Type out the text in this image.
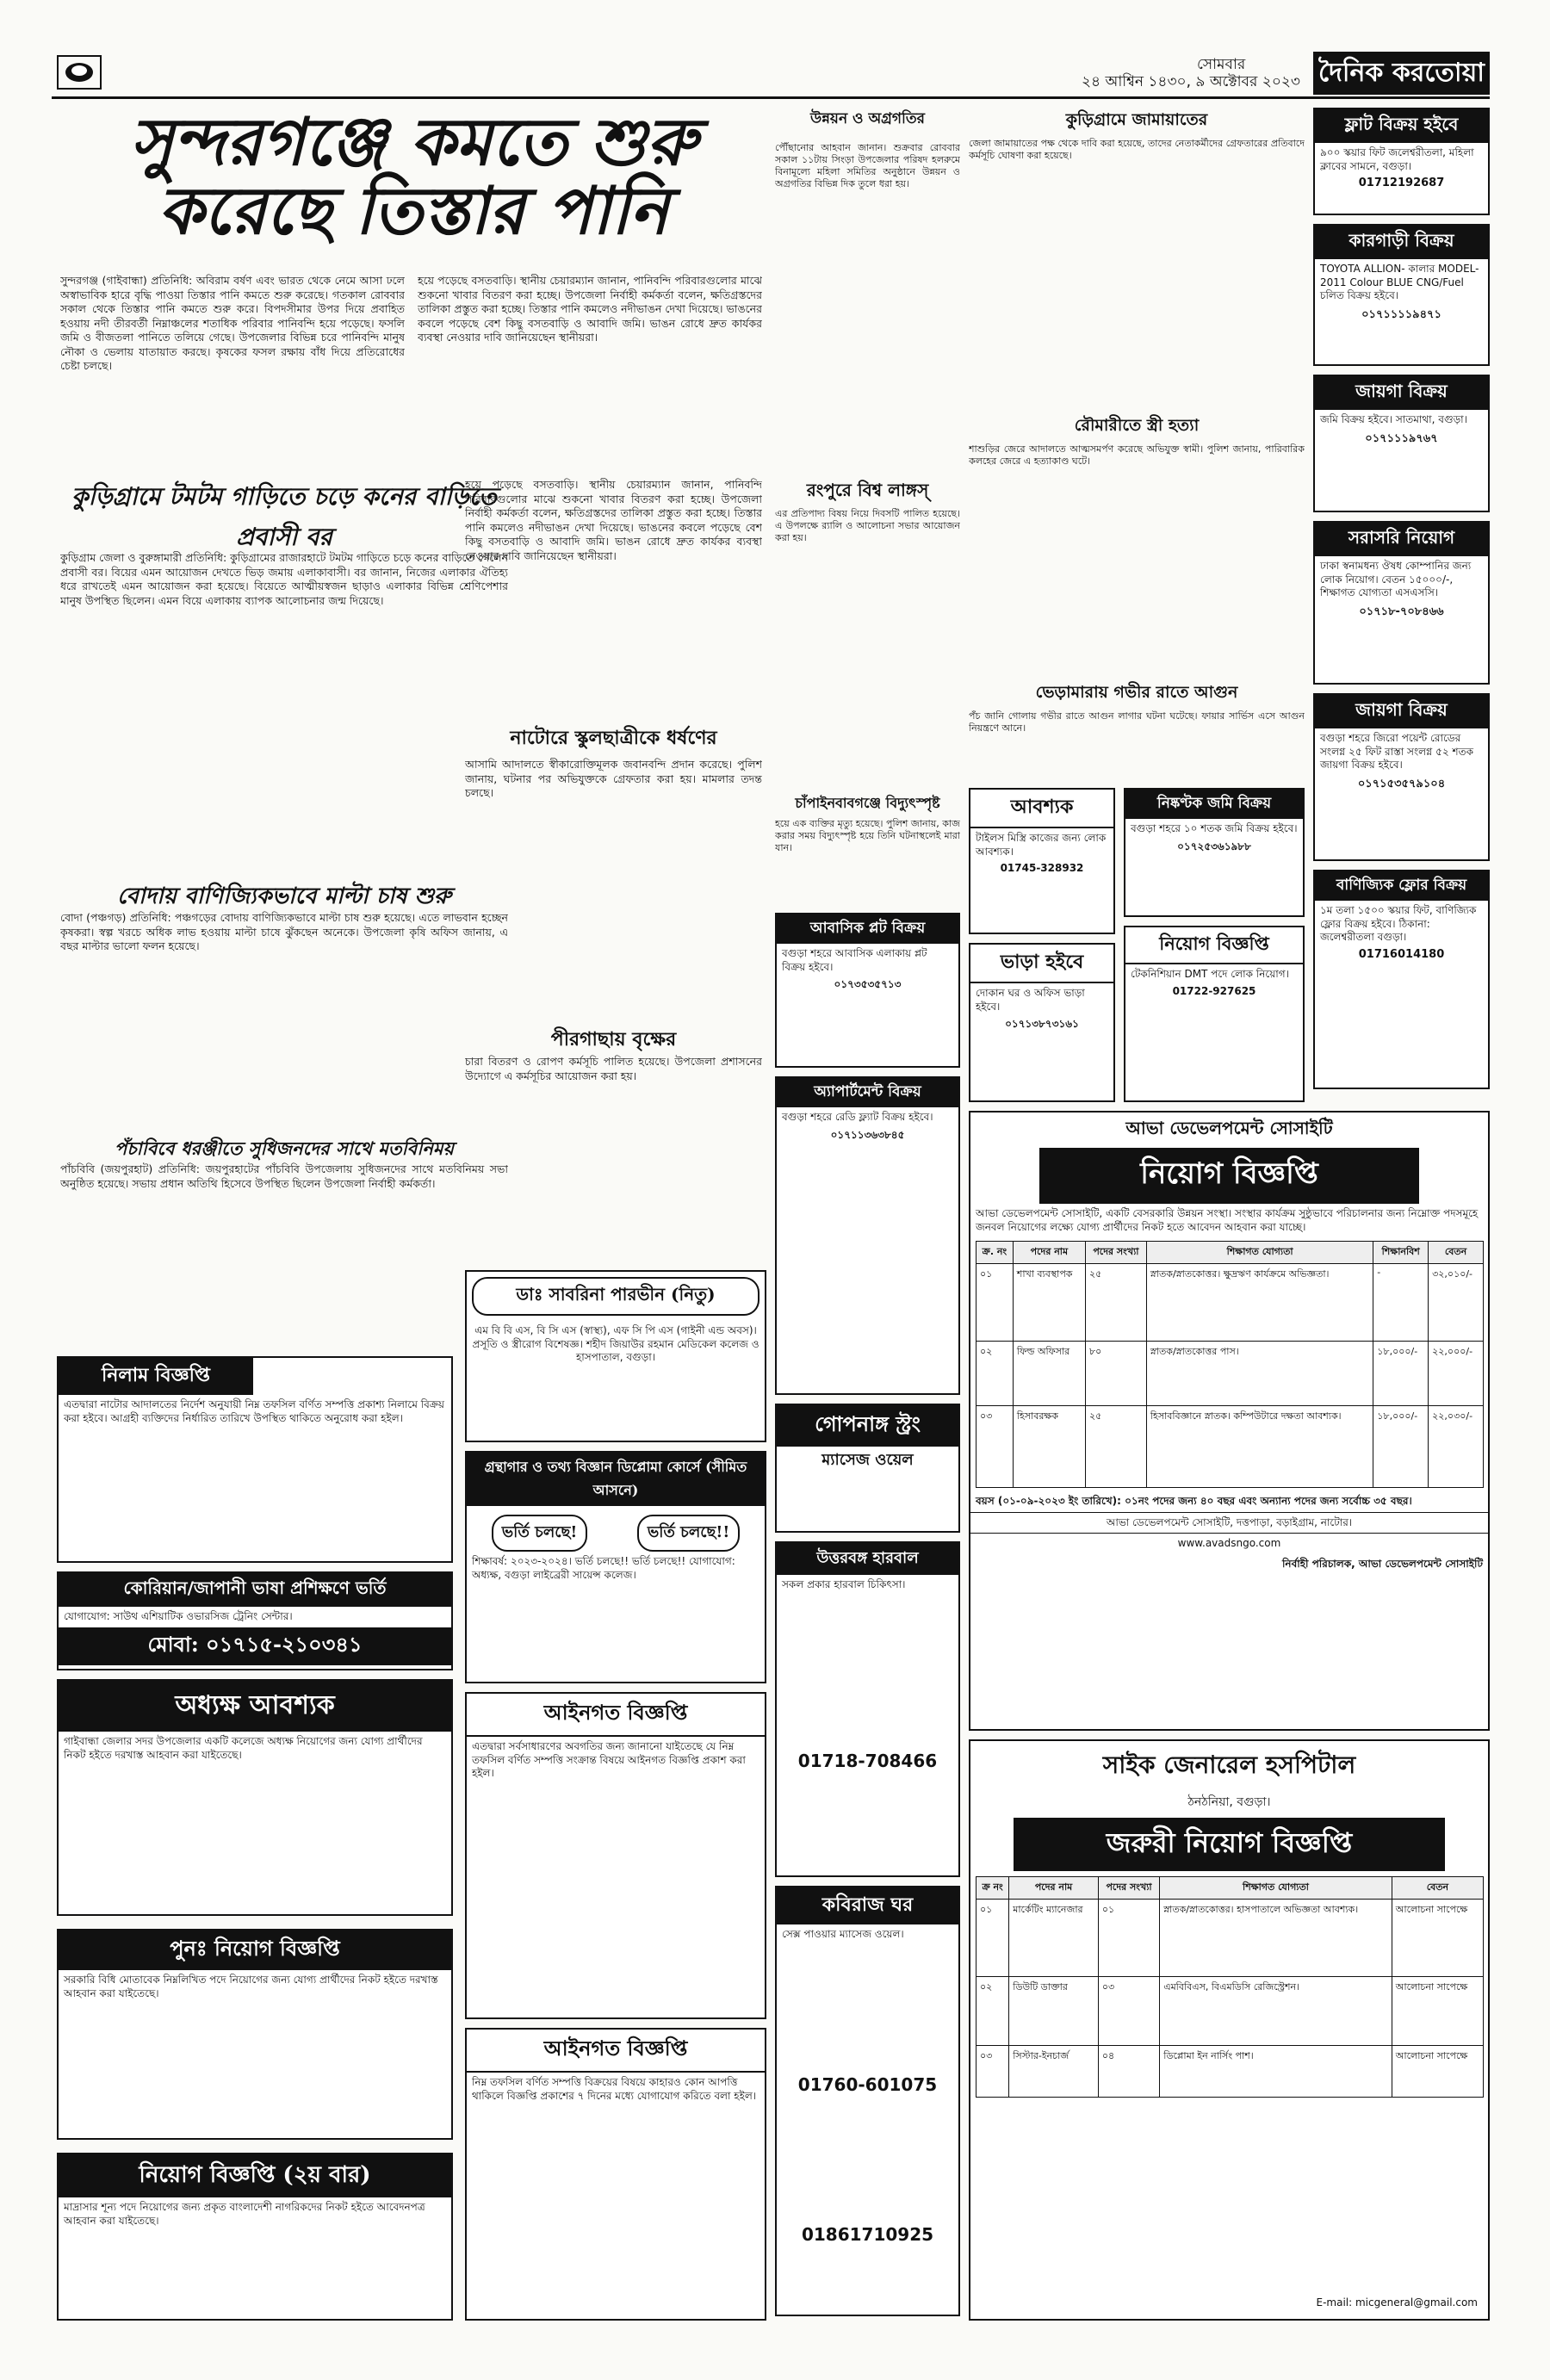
সোমবার
২৪ আশ্বিন ১৪৩০, ৯ অক্টোবর ২০২৩ দৈনিক করতোয়া
সুন্দরগঞ্জে কমতে শুরু করেছে তিস্তার পানি
সুন্দরগঞ্জ (গাইবান্ধা) প্রতিনিধি: অবিরাম বর্ষণ এবং ভারত থেকে নেমে আসা ঢলে অস্বাভাবিক হারে বৃদ্ধি পাওয়া তিস্তার পানি কমতে শুরু করেছে। গতকাল রোববার সকাল থেকে তিস্তার পানি কমতে শুরু করে। বিপদসীমার উপর দিয়ে প্রবাহিত হওয়ায় নদী তীরবর্তী নিম্নাঞ্চলের শতাধিক পরিবার পানিবন্দি হয়ে পড়েছে। ফসলি জমি ও বীজতলা পানিতে তলিয়ে গেছে। উপজেলার বিভিন্ন চরে পানিবন্দি মানুষ নৌকা ও ভেলায় যাতায়াত করছে। কৃষকের ফসল রক্ষায় বাঁধ দিয়ে প্রতিরোধের চেষ্টা চলছে।
হয়ে পড়েছে বসতবাড়ি। স্থানীয় চেয়ারম্যান জানান, পানিবন্দি পরিবারগুলোর মাঝে শুকনো খাবার বিতরণ করা হচ্ছে। উপজেলা নির্বাহী কর্মকর্তা বলেন, ক্ষতিগ্রস্তদের তালিকা প্রস্তুত করা হচ্ছে। তিস্তার পানি কমলেও নদীভাঙন দেখা দিয়েছে। ভাঙনের কবলে পড়েছে বেশ কিছু বসতবাড়ি ও আবাদি জমি। ভাঙন রোধে দ্রুত কার্যকর ব্যবস্থা নেওয়ার দাবি জানিয়েছেন স্থানীয়রা।
কুড়িগ্রামে টমটম গাড়িতে চড়ে কনের বাড়িতে প্রবাসী বর
কুড়িগ্রাম জেলা ও বুরুঙ্গামারী প্রতিনিধি: কুড়িগ্রামের রাজারহাটে টমটম গাড়িতে চড়ে কনের বাড়িতে গেলেন প্রবাসী বর। বিয়ের এমন আয়োজন দেখতে ভিড় জমায় এলাকাবাসী। বর জানান, নিজের এলাকার ঐতিহ্য ধরে রাখতেই এমন আয়োজন করা হয়েছে। বিয়েতে আত্মীয়স্বজন ছাড়াও এলাকার বিভিন্ন শ্রেণিপেশার মানুষ উপস্থিত ছিলেন। এমন বিয়ে এলাকায় ব্যাপক আলোচনার জন্ম দিয়েছে।
বোদায় বাণিজ্যিকভাবে মাল্টা চাষ শুরু
বোদা (পঞ্চগড়) প্রতিনিধি: পঞ্চগড়ের বোদায় বাণিজ্যিকভাবে মাল্টা চাষ শুরু হয়েছে। এতে লাভবান হচ্ছেন কৃষকরা। স্বল্প খরচে অধিক লাভ হওয়ায় মাল্টা চাষে ঝুঁকছেন অনেকে। উপজেলা কৃষি অফিস জানায়, এ বছর মাল্টার ভালো ফলন হয়েছে।
পঁচাবিবে ধরঞ্জীতে সুধিজনদের সাথে মতবিনিময়
পাঁচবিবি (জয়পুরহাট) প্রতিনিধি: জয়পুরহাটের পাঁচবিবি উপজেলায় সুধিজনদের সাথে মতবিনিময় সভা অনুষ্ঠিত হয়েছে। সভায় প্রধান অতিথি হিসেবে উপস্থিত ছিলেন উপজেলা নির্বাহী কর্মকর্তা।
হয়ে পড়েছে বসতবাড়ি। স্থানীয় চেয়ারম্যান জানান, পানিবন্দি পরিবারগুলোর মাঝে শুকনো খাবার বিতরণ করা হচ্ছে। উপজেলা নির্বাহী কর্মকর্তা বলেন, ক্ষতিগ্রস্তদের তালিকা প্রস্তুত করা হচ্ছে। তিস্তার পানি কমলেও নদীভাঙন দেখা দিয়েছে। ভাঙনের কবলে পড়েছে বেশ কিছু বসতবাড়ি ও আবাদি জমি। ভাঙন রোধে দ্রুত কার্যকর ব্যবস্থা নেওয়ার দাবি জানিয়েছেন স্থানীয়রা।
নাটোরে স্কুলছাত্রীকে ধর্ষণের
আসামি আদালতে স্বীকারোক্তিমূলক জবানবন্দি প্রদান করেছে। পুলিশ জানায়, ঘটনার পর অভিযুক্তকে গ্রেফতার করা হয়। মামলার তদন্ত চলছে।
পীরগাছায় বৃক্ষের
চারা বিতরণ ও রোপণ কর্মসূচি পালিত হয়েছে। উপজেলা প্রশাসনের উদ্যোগে এ কর্মসূচির আয়োজন করা হয়।
উন্নয়ন ও অগ্রগতির
পৌঁছানোর আহবান জানান। শুক্রবার রোববার সকাল ১১টায় সিংড়া উপজেলার পরিষদ হলরুমে বিনামূল্যে মহিলা সমিতির অনুষ্ঠানে উন্নয়ন ও অগ্রগতির বিভিন্ন দিক তুলে ধরা হয়।
রংপুরে বিশ্ব লাঙ্গস্
এর প্রতিপাদ্য বিষয় নিয়ে দিবসটি পালিত হয়েছে। এ উপলক্ষে র‍্যালি ও আলোচনা সভার আয়োজন করা হয়।
চাঁপাইনবাবগঞ্জে বিদ্যুৎস্পৃষ্ট
হয়ে এক ব্যক্তির মৃত্যু হয়েছে। পুলিশ জানায়, কাজ করার সময় বিদ্যুৎস্পৃষ্ট হয়ে তিনি ঘটনাস্থলেই মারা যান।
কুড়িগ্রামে জামায়াতের
জেলা জামায়াতের পক্ষ থেকে দাবি করা হয়েছে, তাদের নেতাকর্মীদের গ্রেফতারের প্রতিবাদে কর্মসূচি ঘোষণা করা হয়েছে।
রৌমারীতে স্ত্রী হত্যা
শাশুড়ির জেরে আদালতে আত্মসমর্পণ করেছে অভিযুক্ত স্বামী। পুলিশ জানায়, পারিবারিক কলহের জেরে এ হত্যাকাণ্ড ঘটে।
ভেড়ামারায় গভীর রাতে আগুন
পঁচ জানি গোলায় গভীর রাতে আগুন লাগার ঘটনা ঘটেছে। ফায়ার সার্ভিস এসে আগুন নিয়ন্ত্রণে আনে।
ফ্লাট বিক্রয় হইবে
৯০০ স্কয়ার ফিট জলেশ্বরীতলা, মহিলা ক্লাবের সামনে, বগুড়া।
01712192687
কারগাড়ী বিক্রয়
TOYOTA ALLION- কালার MODEL- 2011 Colour BLUE CNG/Fuel চলিত বিক্রয় হইবে।
০১৭১১১১৯৪৭১
জায়গা বিক্রয়
জমি বিক্রয় হইবে। সাতমাথা, বগুড়া।
০১৭১১১৯৭৬৭
সরাসরি নিয়োগ
ঢাকা স্বনামধন্য ঔষধ কোম্পানির জন্য লোক নিয়োগ। বেতন ১৫০০০/-, শিক্ষাগত যোগ্যতা এসএসসি।
০১৭১৮-৭০৮৪৬৬
জায়গা বিক্রয়
বগুড়া শহরে জিরো পয়েন্ট রোডের সংলগ্ন ২৫ ফিট রাস্তা সংলগ্ন ৫২ শতক জায়গা বিক্রয় হইবে।
০১৭১৫৩৫৭৯১০৪
বাণিজ্যিক ফ্লোর বিক্রয়
১ম তলা ১৫০০ স্কয়ার ফিট, বাণিজ্যিক ফ্লোর বিক্রয় হইবে। ঠিকানা: জলেশ্বরীতলা বগুড়া।
01716014180
আবশ্যক
টাইলস মিস্ত্রি কাজের জন্য লোক আবশ্যক।
01745-328932
নিষ্কণ্টক জমি বিক্রয়
বগুড়া শহরে ১০ শতক জমি বিক্রয় হইবে।
০১৭২৫৩৬১৯৮৮
আবাসিক প্লট বিক্রয়
বগুড়া শহরে আবাসিক এলাকায় প্লট বিক্রয় হইবে।
০১৭৩৫৩৫৭১৩
ভাড়া হইবে
দোকান ঘর ও অফিস ভাড়া হইবে।
০১৭১৩৮৭৩১৬১
নিয়োগ বিজ্ঞপ্তি
টেকনিশিয়ান DMT পদে লোক নিয়োগ।
01722-927625
অ্যাপার্টমেন্ট বিক্রয়
বগুড়া শহরে রেডি ফ্ল্যাট বিক্রয় হইবে।
০১৭১১৩৬৩৮৪৫
গোপনাঙ্গ স্ট্রং
ম্যাসেজ ওয়েল
উত্তরবঙ্গ হারবাল
সকল প্রকার হারবাল চিকিৎসা।
01718-708466
কবিরাজ ঘর
সেক্স পাওয়ার ম্যাসেজ ওয়েল।
01760-601075
01861710925
নিলাম বিজ্ঞপ্তি
এতদ্বারা নাটোর আদালতের নির্দেশ অনুযায়ী নিম্ন তফসিল বর্ণিত সম্পত্তি প্রকাশ্য নিলামে বিক্রয় করা হইবে। আগ্রহী ব্যক্তিদের নির্ধারিত তারিখে উপস্থিত থাকিতে অনুরোধ করা হইল।
কোরিয়ান/জাপানী ভাষা প্রশিক্ষণে ভর্তি
যোগাযোগ: সাউথ এশিয়াটিক ওভারসিজ ট্রেনিং সেন্টার।
মোবা: ০১৭১৫-২১০৩৪১
অধ্যক্ষ আবশ্যক
গাইবান্ধা জেলার সদর উপজেলার একটি কলেজে অধ্যক্ষ নিয়োগের জন্য যোগ্য প্রার্থীদের নিকট হইতে দরখাস্ত আহবান করা যাইতেছে।
পুনঃ নিয়োগ বিজ্ঞপ্তি
সরকারি বিধি মোতাবেক নিম্নলিখিত পদে নিয়োগের জন্য যোগ্য প্রার্থীদের নিকট হইতে দরখাস্ত আহবান করা যাইতেছে।
নিয়োগ বিজ্ঞপ্তি (২য় বার)
মাদ্রাসার শূন্য পদে নিয়োগের জন্য প্রকৃত বাংলাদেশী নাগরিকদের নিকট হইতে আবেদনপত্র আহবান করা যাইতেছে।
ডাঃ সাবরিনা পারভীন (নিতু)
এম বি বি এস, বি সি এস (স্বাস্থ্য), এফ সি পি এস (গাইনী এন্ড অবস)। প্রসূতি ও স্ত্রীরোগ বিশেষজ্ঞ। শহীদ জিয়াউর রহমান মেডিকেল কলেজ ও হাসপাতাল, বগুড়া।
গ্রন্থাগার ও তথ্য বিজ্ঞান ডিপ্লোমা কোর্সে (সীমিত আসনে)
ভর্তি চলছে!	ভর্তি চলছে!!
শিক্ষাবর্ষ: ২০২৩-২০২৪। ভর্তি চলছে!! ভর্তি চলছে!! যোগাযোগ: অধ্যক্ষ, বগুড়া লাইব্রেরী সায়েন্স কলেজ।
আইনগত বিজ্ঞপ্তি
এতদ্বারা সর্বসাধারণের অবগতির জন্য জানানো যাইতেছে যে নিম্ন তফসিল বর্ণিত সম্পত্তি সংক্রান্ত বিষয়ে আইনগত বিজ্ঞপ্তি প্রকাশ করা হইল।
আইনগত বিজ্ঞপ্তি
নিম্ন তফসিল বর্ণিত সম্পত্তি বিক্রয়ের বিষয়ে কাহারও কোন আপত্তি থাকিলে বিজ্ঞপ্তি প্রকাশের ৭ দিনের মধ্যে যোগাযোগ করিতে বলা হইল।
আভা ডেভেলপমেন্ট সোসাইটি
নিয়োগ বিজ্ঞপ্তি
আভা ডেভেলপমেন্ট সোসাইটি, একটি বেসরকারি উন্নয়ন সংস্থা। সংস্থার কার্যক্রম সুষ্ঠুভাবে পরিচালনার জন্য নিম্নোক্ত পদসমূহে জনবল নিয়োগের লক্ষ্যে যোগ্য প্রার্থীদের নিকট হতে আবেদন আহবান করা যাচ্ছে।
ক্র. নং	পদের নাম	পদের সংখ্যা	শিক্ষাগত যোগ্যতা	শিক্ষানবিশ	বেতন
০১	শাখা ব্যবস্থাপক	২৫	স্নাতক/স্নাতকোত্তর। ক্ষুদ্রঋণ কার্যক্রমে অভিজ্ঞতা।	-	৩২,০১০/-
০২	ফিল্ড অফিসার	৮০	স্নাতক/স্নাতকোত্তর পাস।	১৮,০০০/-	২২,০০০/-
০৩	হিসাবরক্ষক	২৫	হিসাববিজ্ঞানে স্নাতক। কম্পিউটারে দক্ষতা আবশ্যক।	১৮,০০০/-	২২,০৩০/-
বয়স (০১-০৯-২০২৩ ইং তারিখে): ০১নং পদের জন্য ৪০ বছর এবং অন্যান্য পদের জন্য সর্বোচ্চ ৩৫ বছর।
আভা ডেভেলপমেন্ট সোসাইটি, দত্তপাড়া, বড়াইগ্রাম, নাটোর।
www.avadsngo.com
নির্বাহী পরিচালক, আভা ডেভেলপমেন্ট সোসাইটি
সাইক জেনারেল হসপিটাল
ঠনঠনিয়া, বগুড়া।
জরুরী নিয়োগ বিজ্ঞপ্তি
ক্র নং	পদের নাম	পদের সংখ্যা	শিক্ষাগত যোগ্যতা	বেতন
০১	মার্কেটিং ম্যানেজার	০১	স্নাতক/স্নাতকোত্তর। হাসপাতালে অভিজ্ঞতা আবশ্যক।	আলোচনা সাপেক্ষে
০২	ডিউটি ডাক্তার	০৩	এমবিবিএস, বিএমডিসি রেজিস্ট্রেশন।	আলোচনা সাপেক্ষে
০৩	সিস্টার-ইনচার্জ	০৪	ডিপ্লোমা ইন নার্সিং পাশ।	আলোচনা সাপেক্ষে
E-mail: micgeneral@gmail.com
